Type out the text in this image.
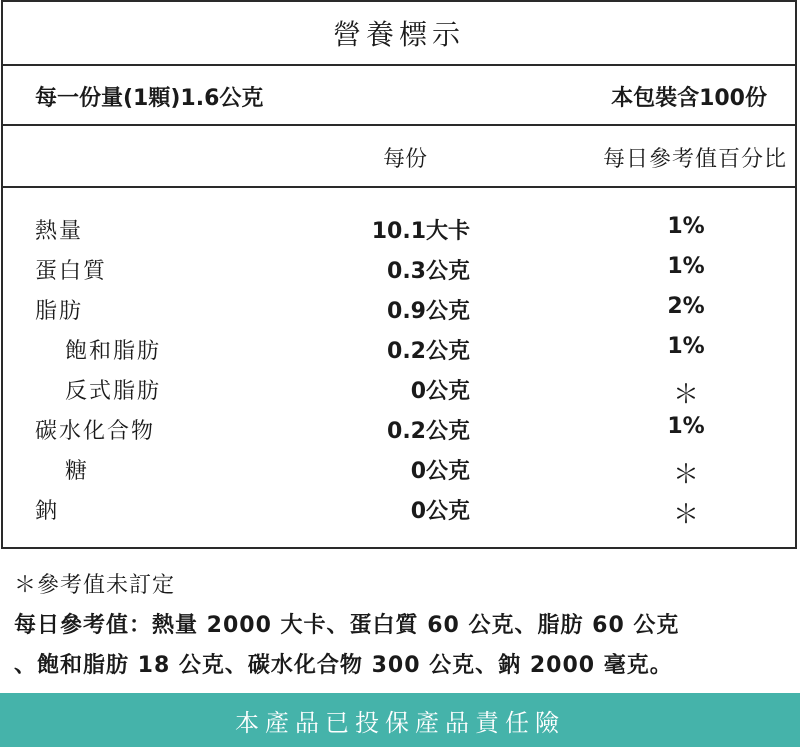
營養標示
每一份量(1顆)1.6公克	本包裝含100份
每份	每日參考值百分比
熱量	10.1大卡	1%
蛋白質	0.3公克	1%
脂肪	0.9公克	2%
飽和脂肪	0.2公克	1%
反式脂肪	0公克	＊
碳水化合物	0.2公克	1%
糖	0公克	＊
鈉	0公克	＊
＊參考值未訂定
每日參考值：熱量 2000 大卡、蛋白質 60 公克、脂肪 60 公克
、飽和脂肪 18 公克、碳水化合物 300 公克、鈉 2000 毫克。
本產品已投保產品責任險
